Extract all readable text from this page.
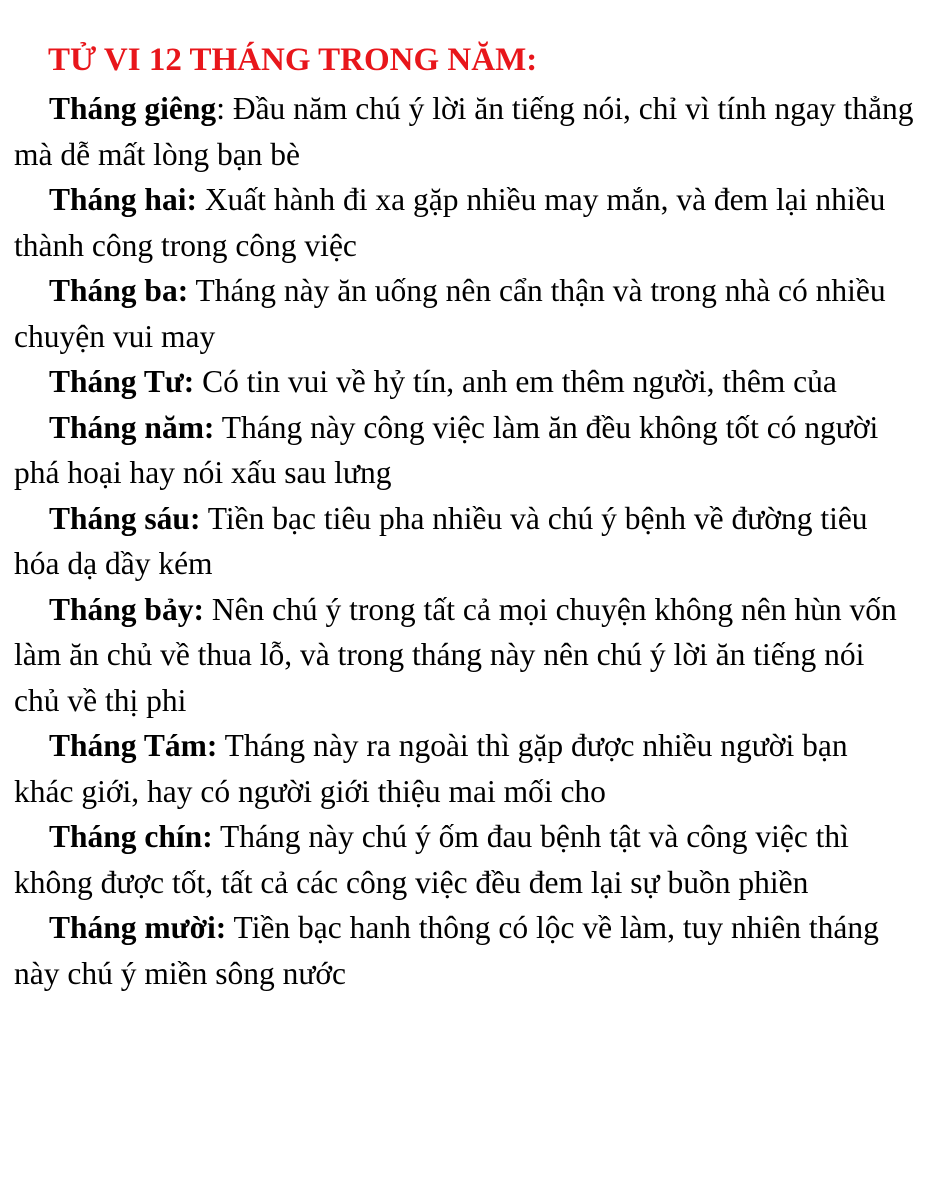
TỬ VI 12 THÁNG TRONG NĂM:

Tháng giêng: Đầu năm chú ý lời ăn tiếng nói, chỉ vì tính ngay thẳng mà dễ mất lòng bạn bè

Tháng hai: Xuất hành đi xa gặp nhiều may mắn, và đem lại nhiều thành công trong công việc

Tháng ba: Tháng này ăn uống nên cẩn thận và trong nhà có nhiều chuyện vui may

Tháng Tư: Có tin vui về hỷ tín, anh em thêm người, thêm của

Tháng năm: Tháng này công việc làm ăn đều không tốt có người phá hoại hay nói xấu sau lưng

Tháng sáu: Tiền bạc tiêu pha nhiều và chú ý bệnh về đường tiêu hóa dạ dầy kém

Tháng bảy: Nên chú ý trong tất cả mọi chuyện không nên hùn vốn làm ăn chủ về thua lỗ, và trong tháng này nên chú ý lời ăn tiếng nói chủ về thị phi

Tháng Tám: Tháng này ra ngoài thì gặp được nhiều người bạn khác giới, hay có người giới thiệu mai mối cho

Tháng chín: Tháng này chú ý ốm đau bệnh tật và công việc thì không được tốt, tất cả các công việc đều đem lại sự buồn phiền

Tháng mười: Tiền bạc hanh thông có lộc về làm, tuy nhiên tháng này chú ý miền sông nước
